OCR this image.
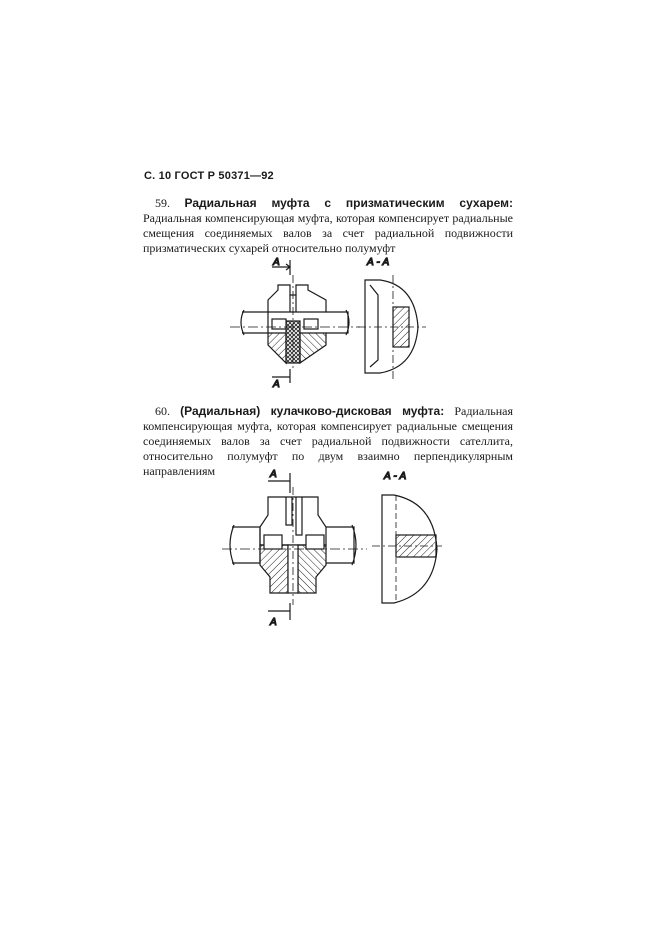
С. 10 ГОСТ Р 50371—92
 59. Радиальная муфта с призматическим сухарем: Радиальная компенсирующая муфта, которая компенсирует радиальные смещения соединяемых валов за счет радиальной подвижности призматических сухарей относительно полумуфт
А
А
А - А
 60. (Радиальная) кулачково-дисковая муфта: Радиальная компенсирующая муфта, которая компенсирует радиальные смещения соединяемых валов за счет радиальной подвижности сателлита, относительно полумуфт по двум взаимно перпендикулярным направлениям	А
А
А - А
